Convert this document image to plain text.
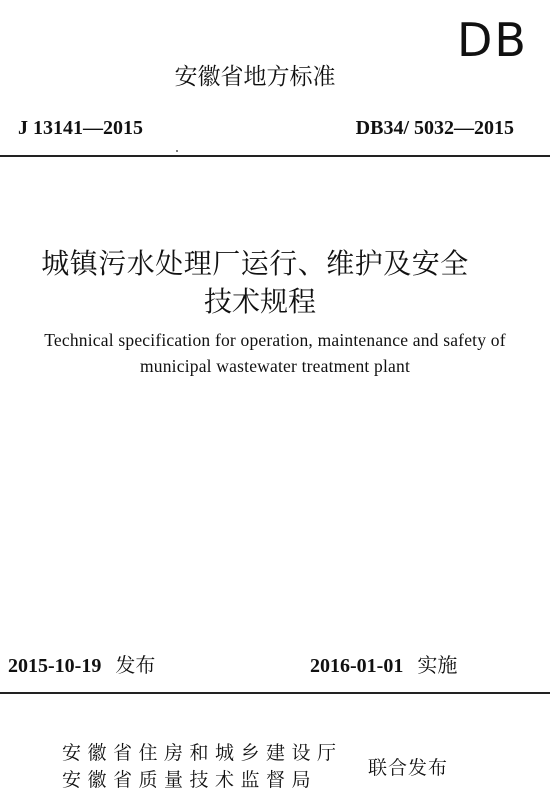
DB
安徽省地方标准
J 13141—2015	DB34/ 5032—2015
城镇污水处理厂运行、维护及安全
技术规程
Technical specification for operation, maintenance and safety of
municipal wastewater treatment plant
2015-10-19 发布	2016-01-01 实施
安徽省住房和城乡建设厅
安徽省质量技术监督局
联合发布
